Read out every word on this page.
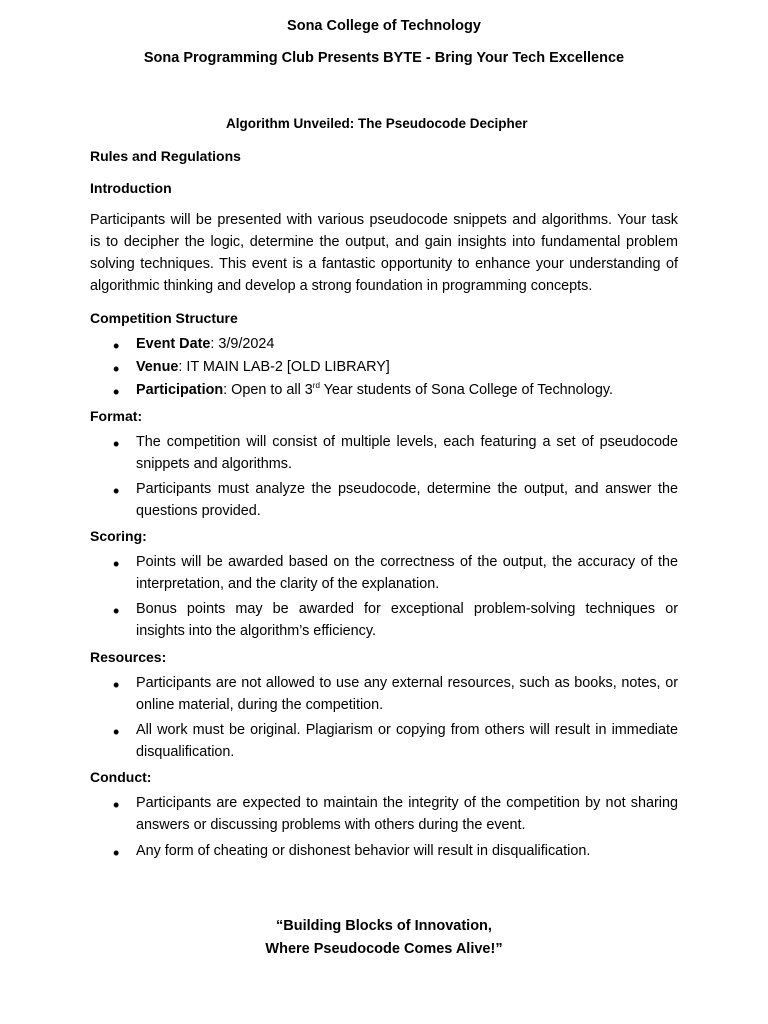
Sona College of Technology
Sona Programming Club Presents BYTE - Bring Your Tech Excellence
Algorithm Unveiled: The Pseudocode Decipher
Rules and Regulations
Introduction
Participants will be presented with various pseudocode snippets and algorithms. Your task
is to decipher the logic, determine the output, and gain insights into fundamental problem
solving techniques. This event is a fantastic opportunity to enhance your understanding of
algorithmic thinking and develop a strong foundation in programming concepts.
Competition Structure
•
Event Date: 3/9/2024
•
Venue: IT MAIN LAB-2 [OLD LIBRARY]
•
Participation: Open to all 3rd Year students of Sona College of Technology.
Format:
•
The competition will consist of multiple levels, each featuring a set of pseudocode
snippets and algorithms.
•
Participants must analyze the pseudocode, determine the output, and answer the
questions provided.
Scoring:
•
Points will be awarded based on the correctness of the output, the accuracy of the
interpretation, and the clarity of the explanation.
•
Bonus points may be awarded for exceptional problem-solving techniques or
insights into the algorithm’s efficiency.
Resources:
•
Participants are not allowed to use any external resources, such as books, notes, or
online material, during the competition.
•
All work must be original. Plagiarism or copying from others will result in immediate
disqualification.
Conduct:
•
Participants are expected to maintain the integrity of the competition by not sharing
answers or discussing problems with others during the event.
•
Any form of cheating or dishonest behavior will result in disqualification.
“Building Blocks of Innovation,
Where Pseudocode Comes Alive!”
